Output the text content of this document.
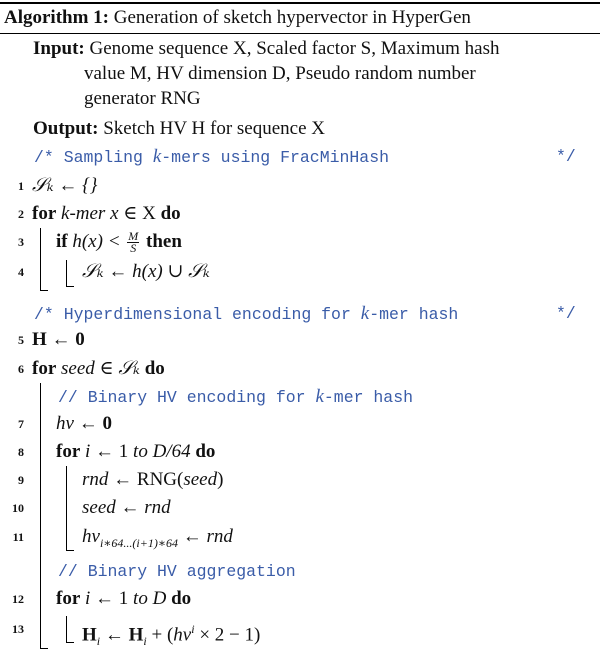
Algorithm 1: Generation of sketch hypervector in HyperGen
Input: Genome sequence X, Scaled factor S, Maximum hash
value M, HV dimension D, Pseudo random number
generator RNG
Output: Sketch HV H for sequence X
/* Sampling k-mers using FracMinHash	*/
1 𝒮ₖ ← {}
2 for k-mer x ∈ X do
3 if $h(x) < \frac{M}{S}$ then
4	𝒮ₖ ← h(x) ∪ 𝒮ₖ
/* Hyperdimensional encoding for k-mer hash	*/
5 H ← 0
6 for seed ∈ 𝒮ₖ do
// Binary HV encoding for k-mer hash
7 hv ← 0
8 for i ← 1 to D/64 do
9	rnd ← RNG(seed)
10	seed ← rnd
11	$hv_{i∗64...(i+1)∗64}$ ← rnd
// Binary HV aggregation
12 for i ← 1 to D do
13	$H_i$ ← $H_i + (hv^i \times 2 - 1)$
